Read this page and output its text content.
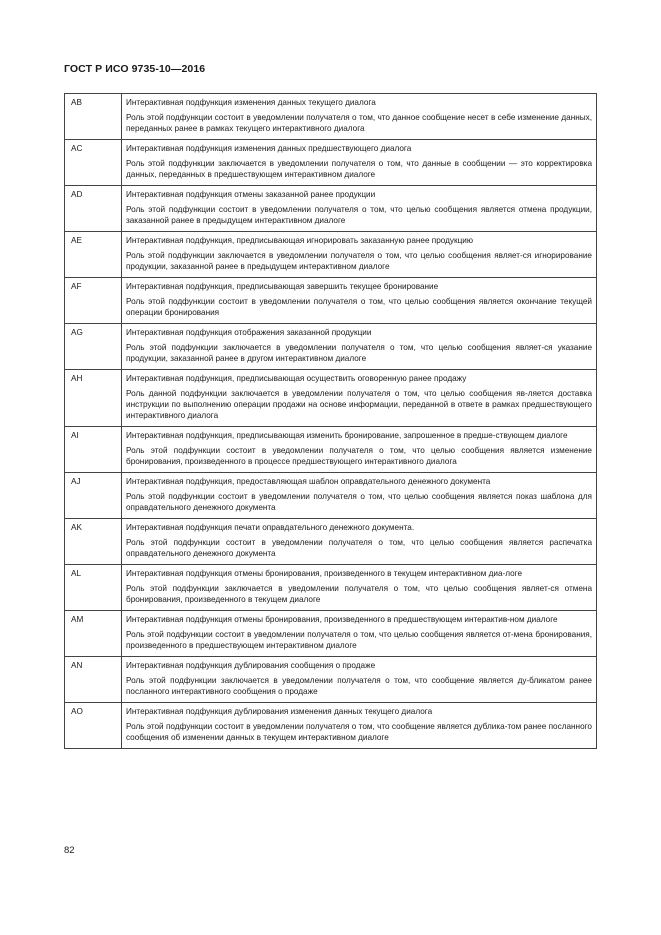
ГОСТ Р ИСО 9735-10—2016
AB	Интерактивная подфункция изменения данных текущего диалога

Роль этой подфункции состоит в уведомлении получателя о том, что данное сообщение несет в себе изменение данных, переданных ранее в рамках текущего интерактивного диалога

AC	Интерактивная подфункция изменения данных предшествующего диалога

Роль этой подфункции заключается в уведомлении получателя о том, что данные в сообщении — это корректировка данных, переданных в предшествующем интерактивном диалоге

AD	Интерактивная подфункция отмены заказанной ранее продукции

Роль этой подфункции состоит в уведомлении получателя о том, что целью сообщения является отмена продукции, заказанной ранее в предыдущем интерактивном диалоге

AE	Интерактивная подфункция, предписывающая игнорировать заказанную ранее продукцию

Роль этой подфункции заключается в уведомлении получателя о том, что целью сообщения являет-ся игнорирование продукции, заказанной ранее в предыдущем интерактивном диалоге

AF	Интерактивная подфункция, предписывающая завершить текущее бронирование

Роль этой подфункции состоит в уведомлении получателя о том, что целью сообщения является окончание текущей операции бронирования

AG	Интерактивная подфункция отображения заказанной продукции

Роль этой подфункции заключается в уведомлении получателя о том, что целью сообщения являет-ся указание продукции, заказанной ранее в другом интерактивном диалоге

AH	Интерактивная подфункция, предписывающая осуществить оговоренную ранее продажу

Роль данной подфункции заключается в уведомлении получателя о том, что целью сообщения яв-ляется доставка инструкции по выполнению операции продажи на основе информации, переданной в ответе в рамках предшествующего интерактивного диалога

AI	Интерактивная подфункция, предписывающая изменить бронирование, запрошенное в предше-ствующем диалоге

Роль этой подфункции состоит в уведомлении получателя о том, что целью сообщения является изменение бронирования, произведенного в процессе предшествующего интерактивного диалога

AJ	Интерактивная подфункция, предоставляющая шаблон оправдательного денежного документа

Роль этой подфункции состоит в уведомлении получателя о том, что целью сообщения является показ шаблона для оправдательного денежного документа

AK	Интерактивная подфункция печати оправдательного денежного документа.

Роль этой подфункции состоит в уведомлении получателя о том, что целью сообщения является распечатка оправдательного денежного документа

AL	Интерактивная подфункция отмены бронирования, произведенного в текущем интерактивном диа-логе

Роль этой подфункции заключается в уведомлении получателя о том, что целью сообщения являет-ся отмена бронирования, произведенного в текущем диалоге

AM	Интерактивная подфункция отмены бронирования, произведенного в предшествующем интерактив-ном диалоге

Роль этой подфункции состоит в уведомлении получателя о том, что целью сообщения является от-мена бронирования, произведенного в предшествующем интерактивном диалоге

AN	Интерактивная подфункция дублирования сообщения о продаже

Роль этой подфункции заключается в уведомлении получателя о том, что сообщение является ду-бликатом ранее посланного интерактивного сообщения о продаже

AO	Интерактивная подфункция дублирования изменения данных текущего диалога

Роль этой подфункции состоит в уведомлении получателя о том, что сообщение является дублика-том ранее посланного сообщения об изменении данных в текущем интерактивном диалоге

82
